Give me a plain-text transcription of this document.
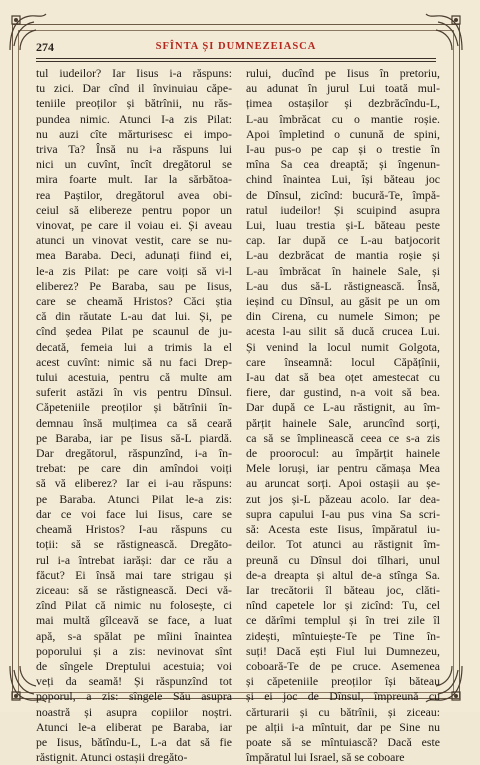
274	SFÎNTA ȘI DUMNEZEIASCA
tul iudeilor? Iar Iisus i-a răspuns:
tu zici. Dar cînd il învinuiau căpe-
teniile preoților și bătrînii, nu răs-
pundea nimic. Atunci I-a zis Pilat:
nu auzi cîte mărturisesc ei impo-
triva Ta? Însă nu i-a răspuns lui
nici un cuvînt, încît dregătorul se
mira foarte mult. Iar la sărbătoa-
rea Paștilor, dregătorul avea obi-
ceiul să elibereze pentru popor un
vinovat, pe care il voiau ei. Și aveau
atunci un vinovat vestit, care se nu-
mea Baraba. Deci, adunați fiind ei,
le-a zis Pilat: pe care voiți să vi-l
eliberez? Pe Baraba, sau pe Iisus,
care se cheamă Hristos? Căci știa
că din răutate L-au dat lui. Și, pe
cînd ședea Pilat pe scaunul de ju-
decată, femeia lui a trimis la el
acest cuvînt: nimic să nu faci Drep-
tului acestuia, pentru că multe am
suferit astăzi în vis pentru Dînsul.
Căpeteniile preoților și bătrînii în-
demnau însă mulțimea ca să ceară
pe Baraba, iar pe Iisus să-L piardă.
Dar dregătorul, răspunzînd, i-a în-
trebat: pe care din amîndoi voiți
să vă eliberez? Iar ei i-au răspuns:
pe Baraba. Atunci Pilat le-a zis:
dar ce voi face lui Iisus, care se
cheamă Hristos? I-au răspuns cu
toții: să se răstignească. Dregăto-
rul i-a întrebat iarăși: dar ce rău a
făcut? Ei însă mai tare strigau și
ziceau: să se răstignească. Deci vă-
zînd Pilat că nimic nu folosește, ci
mai multă gîlceavă se face, a luat
apă, s-a spălat pe mîini înaintea
poporului și a zis: nevinovat sînt
de sîngele Dreptului acestuia; voi
veți da seamă! Și răspunzînd tot
poporul, a zis: sîngele Său asupra
noastră și asupra copiilor noștri.
Atunci le-a eliberat pe Baraba, iar
pe Iisus, bătîndu-L, L-a dat să fie
răstignit. Atunci ostașii dregăto-
rului, ducînd pe Iisus în pretoriu,
au adunat în jurul Lui toată mul-
țimea ostașilor și dezbrăcîndu-L,
L-au îmbrăcat cu o mantie roșie.
Apoi împletind o cunună de spini,
I-au pus-o pe cap și o trestie în
mîna Sa cea dreaptă; și îngenun-
chind înaintea Lui, își băteau joc
de Dînsul, zicînd: bucură-Te, împă-
ratul iudeilor! Și scuipind asupra
Lui, luau trestia și-L băteau peste
cap. Iar după ce L-au batjocorit
L-au dezbrăcat de mantia roșie și
L-au îmbrăcat în hainele Sale, și
L-au dus să-L răstignească. Însă,
ieșind cu Dînsul, au găsit pe un om
din Cirena, cu numele Simon; pe
acesta l-au silit să ducă crucea Lui.
Și venind la locul numit Golgota,
care înseamnă: locul Căpățînii,
I-au dat să bea oțet amestecat cu
fiere, dar gustind, n-a voit să bea.
Dar după ce L-au răstignit, au îm-
părțit hainele Sale, aruncînd sorți,
ca să se împlinească ceea ce s-a zis
de proorocul: au împărțit hainele
Mele loruși, iar pentru cămașa Mea
au aruncat sorți. Apoi ostașii au șe-
zut jos și-L păzeau acolo. Iar dea-
supra capului I-au pus vina Sa scri-
să: Acesta este Iisus, împăratul iu-
deilor. Tot atunci au răstignit îm-
preună cu Dînsul doi tîlhari, unul
de-a dreapta și altul de-a stînga Sa.
Iar trecătorii îl băteau joc, clăti-
nînd capetele lor și zicînd: Tu, cel
ce dărîmi templul și în trei zile îl
zidești, mîntuiește-Te pe Tine în-
suți! Dacă ești Fiul lui Dumnezeu,
coboară-Te de pe cruce. Asemenea
și căpeteniile preoților își băteau
și ei joc de Dînsul, împreună cu
cărturarii și cu bătrînii, și ziceau:
pe alții i-a mîntuit, dar pe Sine nu
poate să se mîntuiască? Dacă este
împăratul lui Israel, să se coboare
